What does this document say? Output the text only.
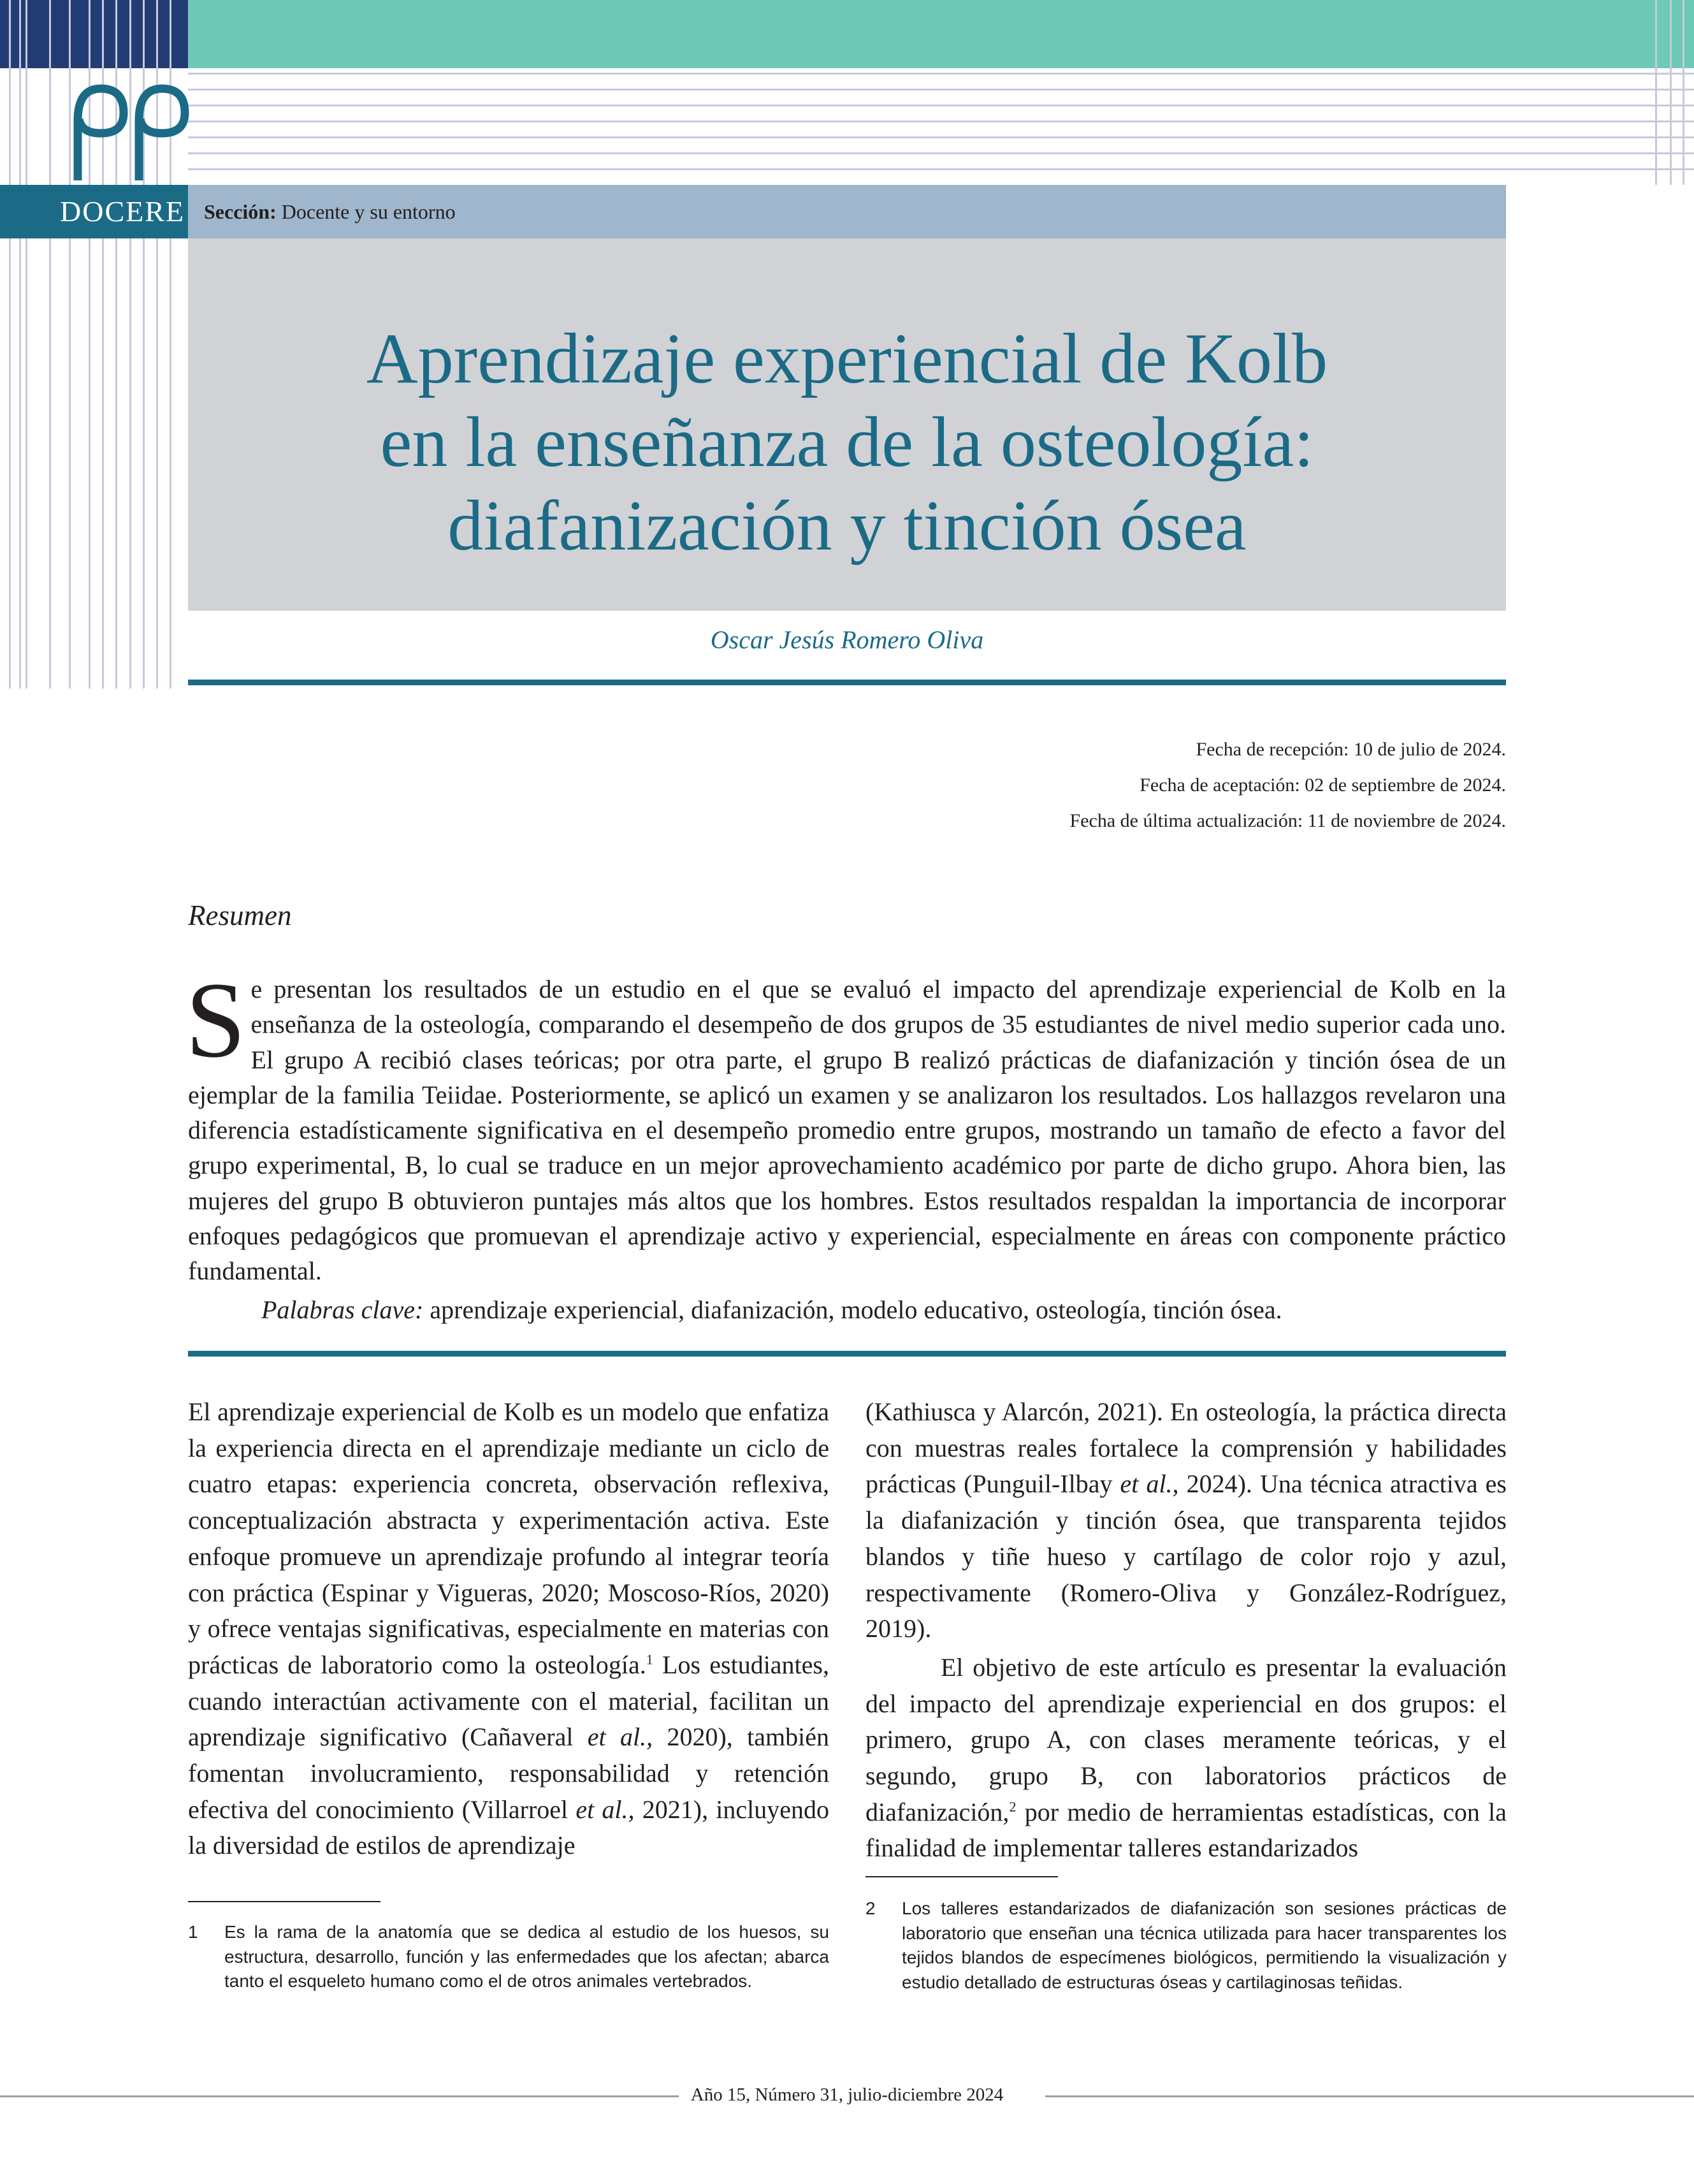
DOCERE Sección: Docente y su entorno
Aprendizaje experiencial de Kolb
en la enseñanza de la osteología:
diafanización y tinción ósea
Oscar Jesús Romero Oliva
Fecha de recepción: 10 de julio de 2024.
Fecha de aceptación: 02 de septiembre de 2024.
Fecha de última actualización: 11 de noviembre de 2024.
Resumen
Se presentan los resultados de un estudio en el que se evaluó el impacto del aprendizaje experiencial de Kolb en la enseñanza de la osteología, comparando el desempeño de dos grupos de 35 estudiantes de nivel medio superior cada uno. El grupo A recibió clases teóricas; por otra parte, el grupo B realizó prácticas de diafanización y tinción ósea de un ejemplar de la familia Teiidae. Posteriormente, se aplicó un examen y se analizaron los resultados. Los hallazgos revelaron una diferencia estadísticamente significativa en el desempeño promedio entre grupos, mostrando un tamaño de efecto a favor del grupo experimental, B, lo cual se traduce en un mejor aprovechamiento académico por parte de dicho grupo. Ahora bien, las mujeres del grupo B obtuvieron puntajes más altos que los hombres. Estos resultados respaldan la importancia de incorporar enfoques pedagógicos que promuevan el aprendizaje activo y experiencial, especialmente en áreas con componente práctico fundamental.
Palabras clave: aprendizaje experiencial, diafanización, modelo educativo, osteología, tinción ósea.

El aprendizaje experiencial de Kolb es un modelo que enfatiza la experiencia directa en el aprendizaje mediante un ciclo de cuatro etapas: experiencia concreta, observación reflexiva, conceptualización abstracta y experimentación activa. Este enfoque promueve un aprendizaje profundo al integrar teoría con práctica (Espinar y Vigueras, 2020; Moscoso-Ríos, 2020) y ofrece ventajas significativas, especialmente en materias con prácticas de laboratorio como la osteología.$^1$ Los estudiantes, cuando interactúan activamente con el material, facilitan un aprendizaje significativo (Cañaveral et al., 2020), también fomentan involucramiento, responsabilidad y retención efectiva del conocimiento (Villarroel et al., 2021), incluyendo la diversidad de estilos de aprendizaje

(Kathiusca y Alarcón, 2021). En osteología, la práctica directa con muestras reales fortalece la comprensión y habilidades prácticas (Punguil-Ilbay et al., 2024). Una técnica atractiva es la diafanización y tinción ósea, que transparenta tejidos blandos y tiñe hueso y cartílago de color rojo y azul, respectivamente (Romero-Oliva y González-Rodríguez, 2019).

El objetivo de este artículo es presentar la evaluación del impacto del aprendizaje experiencial en dos grupos: el primero, grupo A, con clases meramente teóricas, y el segundo, grupo B, con laboratorios prácticos de diafanización,$^2$ por medio de herramientas estadísticas, con la finalidad de implementar talleres estandarizados

1 Es la rama de la anatomía que se dedica al estudio de los huesos, su estructura, desarrollo, función y las enfermedades que los afectan; abarca tanto el esqueleto humano como el de otros animales vertebrados.
2 Los talleres estandarizados de diafanización son sesiones prácticas de laboratorio que enseñan una técnica utilizada para hacer transparentes los tejidos blandos de especímenes biológicos, permitiendo la visualización y estudio detallado de estructuras óseas y cartilaginosas teñidas.
Año 15, Número 31, julio-diciembre 2024
